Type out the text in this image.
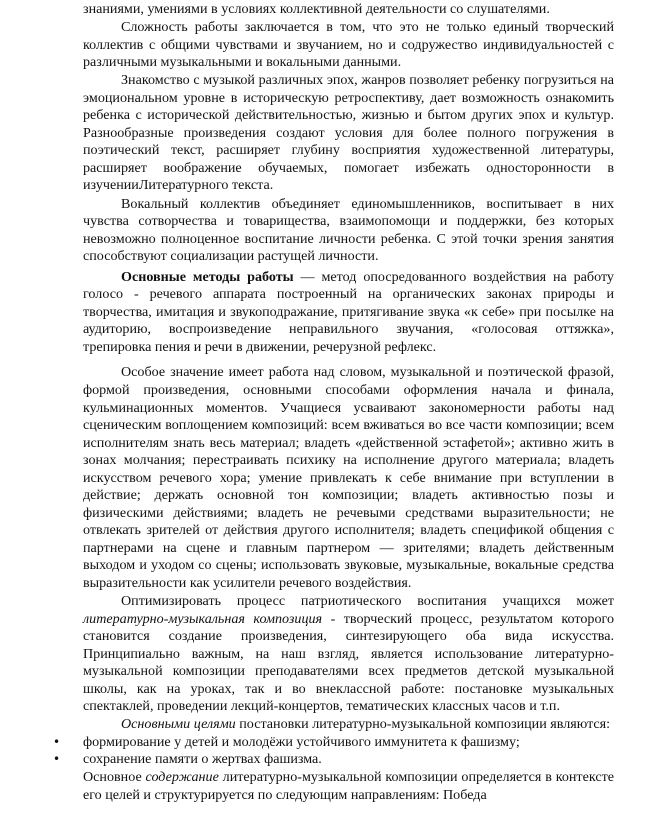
знаниями, умениями в условиях коллективной деятельности со слушателями.

Сложность работы заключается в том, что это не только единый творческий коллектив с общими чувствами и звучанием, но и содружество индивидуальностей с различными музыкальными и вокальными данными.

Знакомство с музыкой различных эпох, жанров позволяет ребенку погрузиться на эмоциональном уровне в историческую ретроспективу, дает возможность ознакомить ребенка с исторической действительностью, жизнью и бытом других эпох и культур. Разнообразные произведения создают условия для более полного погружения в поэтический текст, расширяет глубину восприятия художественной литературы, расширяет воображение обучаемых, помогает избежать односторонности в изученииЛитературного текста.

Вокальный коллектив объединяет единомышленников, воспитывает в них чувства сотворчества и товарищества, взаимопомощи и поддержки, без которых невозможно полноценное воспитание личности ребенка. С этой точки зрения занятия способствуют социализации растущей личности.

Основные методы работы — метод опосредованного воздействия на работу голосо - речевого аппарата построенный на органических законах природы и творчества, имитация и звукоподражание, притягивание звука «к себе» при посылке на аудиторию, воспроизведение неправильного звучания, «голосовая оттяжка», трепировка пения и речи в движении, речерузной рефлекс.

Особое значение имеет работа над словом, музыкальной и поэтической фразой, формой произведения, основными способами оформления начала и финала, кульминационных моментов. Учащиеся усваивают закономерности работы над сценическим воплощением композиций: всем вживаться во все части композиции; всем исполнителям знать весь материал; владеть «действенной эстафетой»; активно жить в зонах молчания; перестраивать психику на исполнение другого материала; владеть искусством речевого хора; умение привлекать к себе внимание при вступлении в действие; держать основной тон композиции; владеть активностью позы и физическими действиями; владеть не речевыми средствами выразительности; не отвлекать зрителей от действия другого исполнителя; владеть спецификой общения с партнерами на сцене и главным партнером — зрителями; владеть действенным выходом и уходом со сцены; использовать звуковые, музыкальные, вокальные средства выразительности как усилители речевого воздействия.

Оптимизировать процесс патриотического воспитания учащихся может литературно-музыкальная композиция - творческий процесс, результатом которого становится создание произведения, синтезирующего оба вида искусства. Принципиально важным, на наш взгляд, является использование литературно-музыкальной композиции преподавателями всех предметов детской музыкальной школы, как на уроках, так и во внеклассной работе: постановке музыкальных спектаклей, проведении лекций-концертов, тематических классных часов и т.п.

Основными целями постановки литературно-музыкальной композиции являются:

• формирование у детей и молодёжи устойчивого иммунитета к фашизму;
• сохранение памяти о жертвах фашизма.

Основное содержание литературно-музыкальной композиции определяется в контексте его целей и структурируется по следующим направлениям: Победа
